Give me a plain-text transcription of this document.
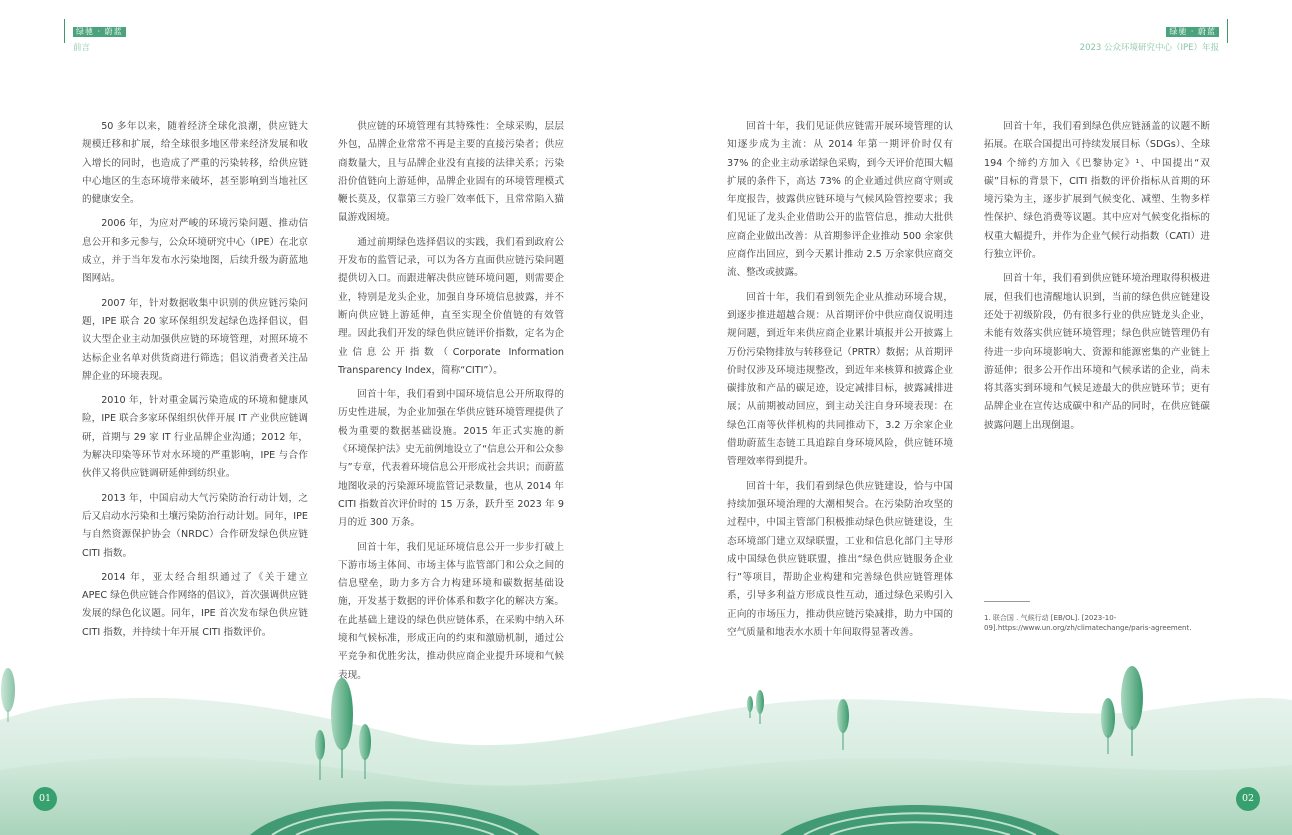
绿驰 · 蔚蓝
前言
绿驰 · 蔚蓝
2023 公众环境研究中心（IPE）年报

50 多年以来，随着经济全球化浪潮，供应链大规模迁移和扩展，给全球很多地区带来经济发展和收入增长的同时，也造成了严重的污染转移，给供应链中心地区的生态环境带来破坏，甚至影响到当地社区的健康安全。

2006 年，为应对严峻的环境污染问题、推动信息公开和多元参与，公众环境研究中心（IPE）在北京成立，并于当年发布水污染地图，后续升级为蔚蓝地图网站。

2007 年，针对数据收集中识别的供应链污染问题，IPE 联合 20 家环保组织发起绿色选择倡议，倡议大型企业主动加强供应链的环境管理，对照环境不达标企业名单对供货商进行筛选；倡议消费者关注品牌企业的环境表现。

2010 年，针对重金属污染造成的环境和健康风险，IPE 联合多家环保组织伙伴开展 IT 产业供应链调研，首期与 29 家 IT 行业品牌企业沟通；2012 年，为解决印染等环节对水环境的严重影响，IPE 与合作伙伴又将供应链调研延伸到纺织业。

2013 年，中国启动大气污染防治行动计划，之后又启动水污染和土壤污染防治行动计划。同年，IPE 与自然资源保护协会（NRDC）合作研发绿色供应链 CITI 指数。

2014 年，亚太经合组织通过了《关于建立 APEC 绿色供应链合作网络的倡议》，首次强调供应链发展的绿色化议题。同年，IPE 首次发布绿色供应链 CITI 指数，并持续十年开展 CITI 指数评价。

供应链的环境管理有其特殊性：全球采购，层层外包，品牌企业常常不再是主要的直接污染者；供应商数量大，且与品牌企业没有直接的法律关系；污染沿价值链向上游延伸，品牌企业固有的环境管理模式鞭长莫及，仅靠第三方验厂效率低下，且常常陷入猫鼠游戏困境。

通过前期绿色选择倡议的实践，我们看到政府公开发布的监管记录，可以为各方直面供应链污染问题提供切入口。而跟进解决供应链环境问题，则需要企业，特别是龙头企业，加强自身环境信息披露，并不断向供应链上游延伸，直至实现全价值链的有效管理。因此我们开发的绿色供应链评价指数，定名为企业信息公开指数（Corporate Information Transparency Index，简称“CITI”）。

回首十年，我们看到中国环境信息公开所取得的历史性进展，为企业加强在华供应链环境管理提供了极为重要的数据基础设施。2015 年正式实施的新《环境保护法》史无前例地设立了“信息公开和公众参与”专章，代表着环境信息公开形成社会共识；而蔚蓝地图收录的污染源环境监管记录数量，也从 2014 年 CITI 指数首次评价时的 15 万条，跃升至 2023 年 9 月的近 300 万条。

回首十年，我们见证环境信息公开一步步打破上下游市场主体间、市场主体与监管部门和公众之间的信息壁垒，助力多方合力构建环境和碳数据基础设施，开发基于数据的评价体系和数字化的解决方案。在此基础上建设的绿色供应链体系，在采购中纳入环境和气候标准，形成正向的约束和激励机制，通过公平竞争和优胜劣汰，推动供应商企业提升环境和气候表现。

回首十年，我们见证供应链需开展环境管理的认知逐步成为主流：从 2014 年第一期评价时仅有 37% 的企业主动承诺绿色采购，到今天评价范围大幅扩展的条件下，高达 73% 的企业通过供应商守则或年度报告，披露供应链环境与气候风险管控要求；我们见证了龙头企业借助公开的监管信息，推动大批供应商企业做出改善：从首期参评企业推动 500 余家供应商作出回应，到今天累计推动 2.5 万余家供应商交流、整改或披露。

回首十年，我们看到领先企业从推动环境合规，到逐步推进超越合规：从首期评价中供应商仅说明违规问题，到近年来供应商企业累计填报并公开披露上万份污染物排放与转移登记（PRTR）数据；从首期评价时仅涉及环境违规整改，到近年来核算和披露企业碳排放和产品的碳足迹，设定减排目标，披露减排进展；从前期被动回应，到主动关注自身环境表现：在绿色江南等伙伴机构的共同推动下，3.2 万余家企业借助蔚蓝生态链工具追踪自身环境风险，供应链环境管理效率得到提升。

回首十年，我们看到绿色供应链建设，恰与中国持续加强环境治理的大潮相契合。在污染防治攻坚的过程中，中国主管部门积极推动绿色供应链建设，生态环境部门建立双绿联盟，工业和信息化部门主导形成中国绿色供应链联盟，推出“绿色供应链服务企业行”等项目，帮助企业构建和完善绿色供应链管理体系，引导多利益方形成良性互动，通过绿色采购引入正向的市场压力，推动供应链污染减排，助力中国的空气质量和地表水水质十年间取得显著改善。

回首十年，我们看到绿色供应链涵盖的议题不断拓展。在联合国提出可持续发展目标（SDGs）、全球 194 个缔约方加入《巴黎协定》¹、中国提出“双碳”目标的背景下，CITI 指数的评价指标从首期的环境污染为主，逐步扩展到气候变化、减塑、生物多样性保护、绿色消费等议题。其中应对气候变化指标的权重大幅提升，并作为企业气候行动指数（CATI）进行独立评价。

回首十年，我们看到供应链环境治理取得积极进展，但我们也清醒地认识到，当前的绿色供应链建设还处于初级阶段，仍有很多行业的供应链龙头企业，未能有效落实供应链环境管理；绿色供应链管理仍有待进一步向环境影响大、资源和能源密集的产业链上游延伸；很多公开作出环境和气候承诺的企业，尚未将其落实到环境和气候足迹最大的供应链环节；更有品牌企业在宣传达成碳中和产品的同时，在供应链碳披露问题上出现倒退。

1. 联合国 . 气候行动 [EB/OL]. [2023-10-09].https://www.un.org/zh/climatechange/paris-agreement.
01	02
